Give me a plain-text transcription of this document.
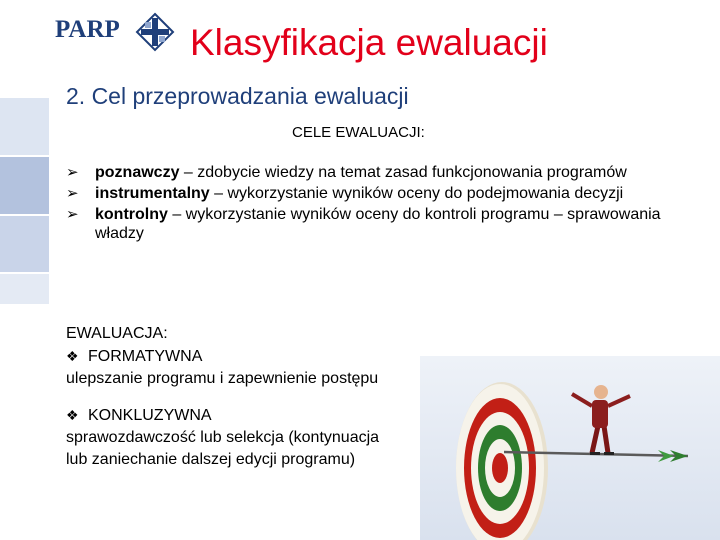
PARP Klasyfikacja ewaluacji
2. Cel przeprowadzania ewaluacji
CELE EWALUACJI:
➢ poznawczy – zdobycie wiedzy na temat zasad funkcjonowania programów
➢ instrumentalny – wykorzystanie wyników oceny do podejmowania decyzji
➢ kontrolny – wykorzystanie wyników oceny do kontroli programu – sprawowania władzy
EWALUACJA:
❖ FORMATYWNA
ulepszanie programu i zapewnienie postępu
❖ KONKLUZYWNA
sprawozdawczość lub selekcja (kontynuacja
lub zaniechanie dalszej edycji programu)
